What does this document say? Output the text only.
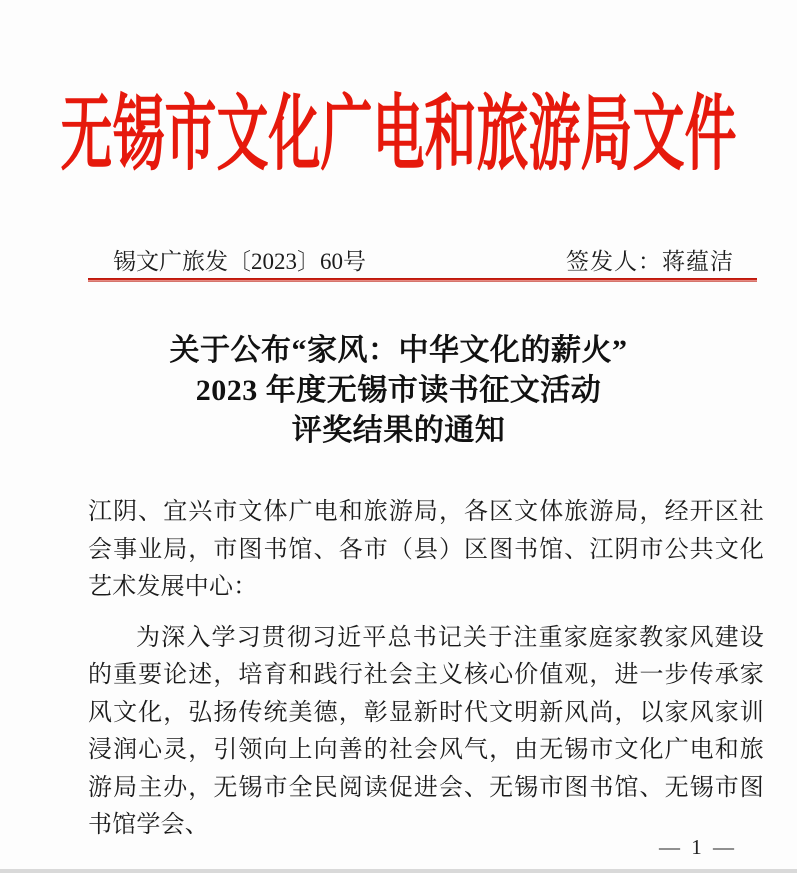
无锡市文化广电和旅游局文件
锡文广旅发〔2023〕60号	签发人：蒋蕴洁
关于公布“家风：中华文化的薪火”
2023 年度无锡市读书征文活动
评奖结果的通知

江阴、宜兴市文体广电和旅游局，各区文体旅游局，经开区社会事业局，市图书馆、各市（县）区图书馆、江阴市公共文化艺术发展中心：

为深入学习贯彻习近平总书记关于注重家庭家教家风建设的重要论述，培育和践行社会主义核心价值观，进一步传承家风文化，弘扬传统美德，彰显新时代文明新风尚，以家风家训浸润心灵，引领向上向善的社会风气，由无锡市文化广电和旅游局主办，无锡市全民阅读促进会、无锡市图书馆、无锡市图书馆学会、

— 1 —
